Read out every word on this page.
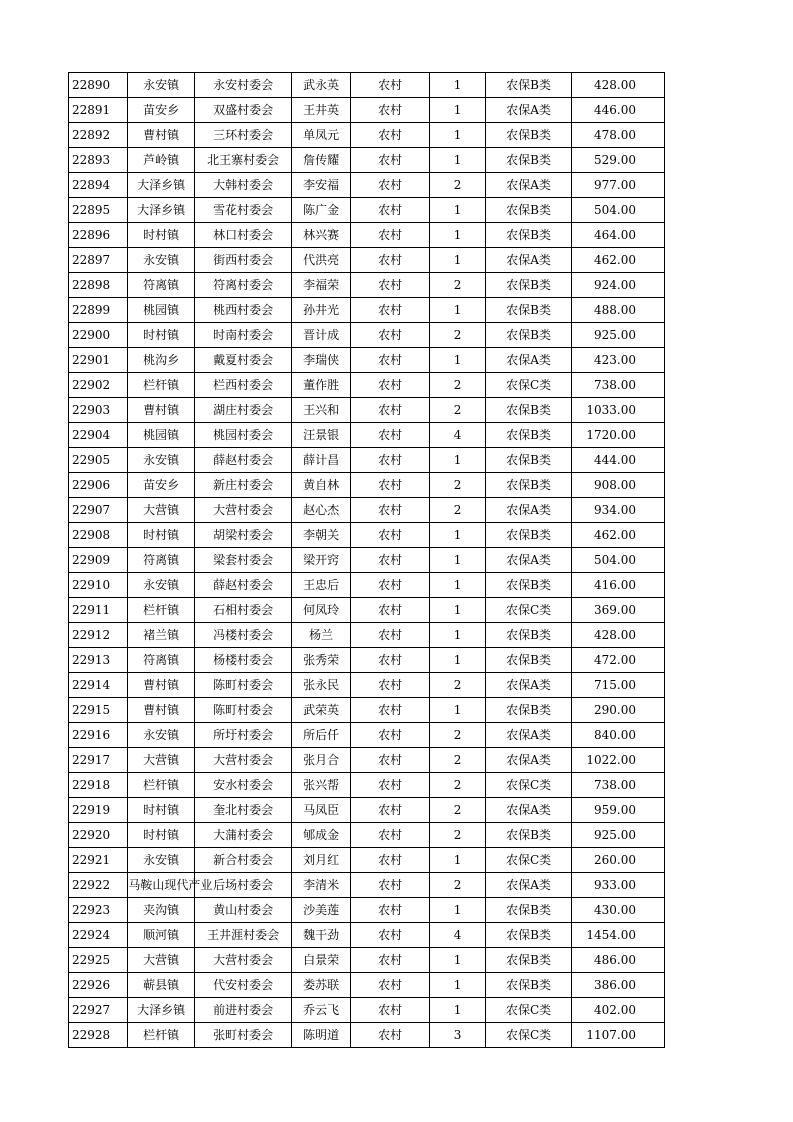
22890	永安镇	永安村委会	武永英	农村	1	农保B类	428.00
22891	苗安乡	双盛村委会	王井英	农村	1	农保A类	446.00
22892	曹村镇	三环村委会	单凤元	农村	1	农保B类	478.00
22893	芦岭镇	北王寨村委会	詹传耀	农村	1	农保B类	529.00
22894	大泽乡镇	大韩村委会	李安福	农村	2	农保A类	977.00
22895	大泽乡镇	雪花村委会	陈广金	农村	1	农保B类	504.00
22896	时村镇	林口村委会	林兴赛	农村	1	农保B类	464.00
22897	永安镇	街西村委会	代洪亮	农村	1	农保A类	462.00
22898	符离镇	符离村委会	李福荣	农村	2	农保B类	924.00
22899	桃园镇	桃西村委会	孙井光	农村	1	农保B类	488.00
22900	时村镇	时南村委会	晋计成	农村	2	农保B类	925.00
22901	桃沟乡	戴夏村委会	李瑞侠	农村	1	农保A类	423.00
22902	栏杆镇	栏西村委会	董作胜	农村	2	农保C类	738.00
22903	曹村镇	湖庄村委会	王兴和	农村	2	农保B类	1033.00
22904	桃园镇	桃园村委会	汪景银	农村	4	农保B类	1720.00
22905	永安镇	薛赵村委会	薛计昌	农村	1	农保B类	444.00
22906	苗安乡	新庄村委会	黄自林	农村	2	农保B类	908.00
22907	大营镇	大营村委会	赵心杰	农村	2	农保A类	934.00
22908	时村镇	胡梁村委会	李朝关	农村	1	农保B类	462.00
22909	符离镇	梁套村委会	梁开窍	农村	1	农保A类	504.00
22910	永安镇	薛赵村委会	王忠后	农村	1	农保B类	416.00
22911	栏杆镇	石相村委会	何凤玲	农村	1	农保C类	369.00
22912	褚兰镇	冯楼村委会	杨兰	农村	1	农保B类	428.00
22913	符离镇	杨楼村委会	张秀荣	农村	1	农保B类	472.00
22914	曹村镇	陈町村委会	张永民	农村	2	农保A类	715.00
22915	曹村镇	陈町村委会	武荣英	农村	1	农保B类	290.00
22916	永安镇	所圩村委会	所后仟	农村	2	农保A类	840.00
22917	大营镇	大营村委会	张月合	农村	2	农保A类	1022.00
22918	栏杆镇	安水村委会	张兴帮	农村	2	农保C类	738.00
22919	时村镇	奎北村委会	马凤臣	农村	2	农保A类	959.00
22920	时村镇	大蒲村委会	郇成金	农村	2	农保B类	925.00
22921	永安镇	新合村委会	刘月红	农村	1	农保C类	260.00
22922	马鞍山现代产业	后场村委会	李清米	农村	2	农保A类	933.00
22923	夹沟镇	黄山村委会	沙美莲	农村	1	农保B类	430.00
22924	顺河镇	王井涯村委会	魏干劲	农村	4	农保B类	1454.00
22925	大营镇	大营村委会	白景荣	农村	1	农保B类	486.00
22926	蕲县镇	代安村委会	娄苏联	农村	1	农保B类	386.00
22927	大泽乡镇	前进村委会	乔云飞	农村	1	农保C类	402.00
22928	栏杆镇	张町村委会	陈明道	农村	3	农保C类	1107.00
